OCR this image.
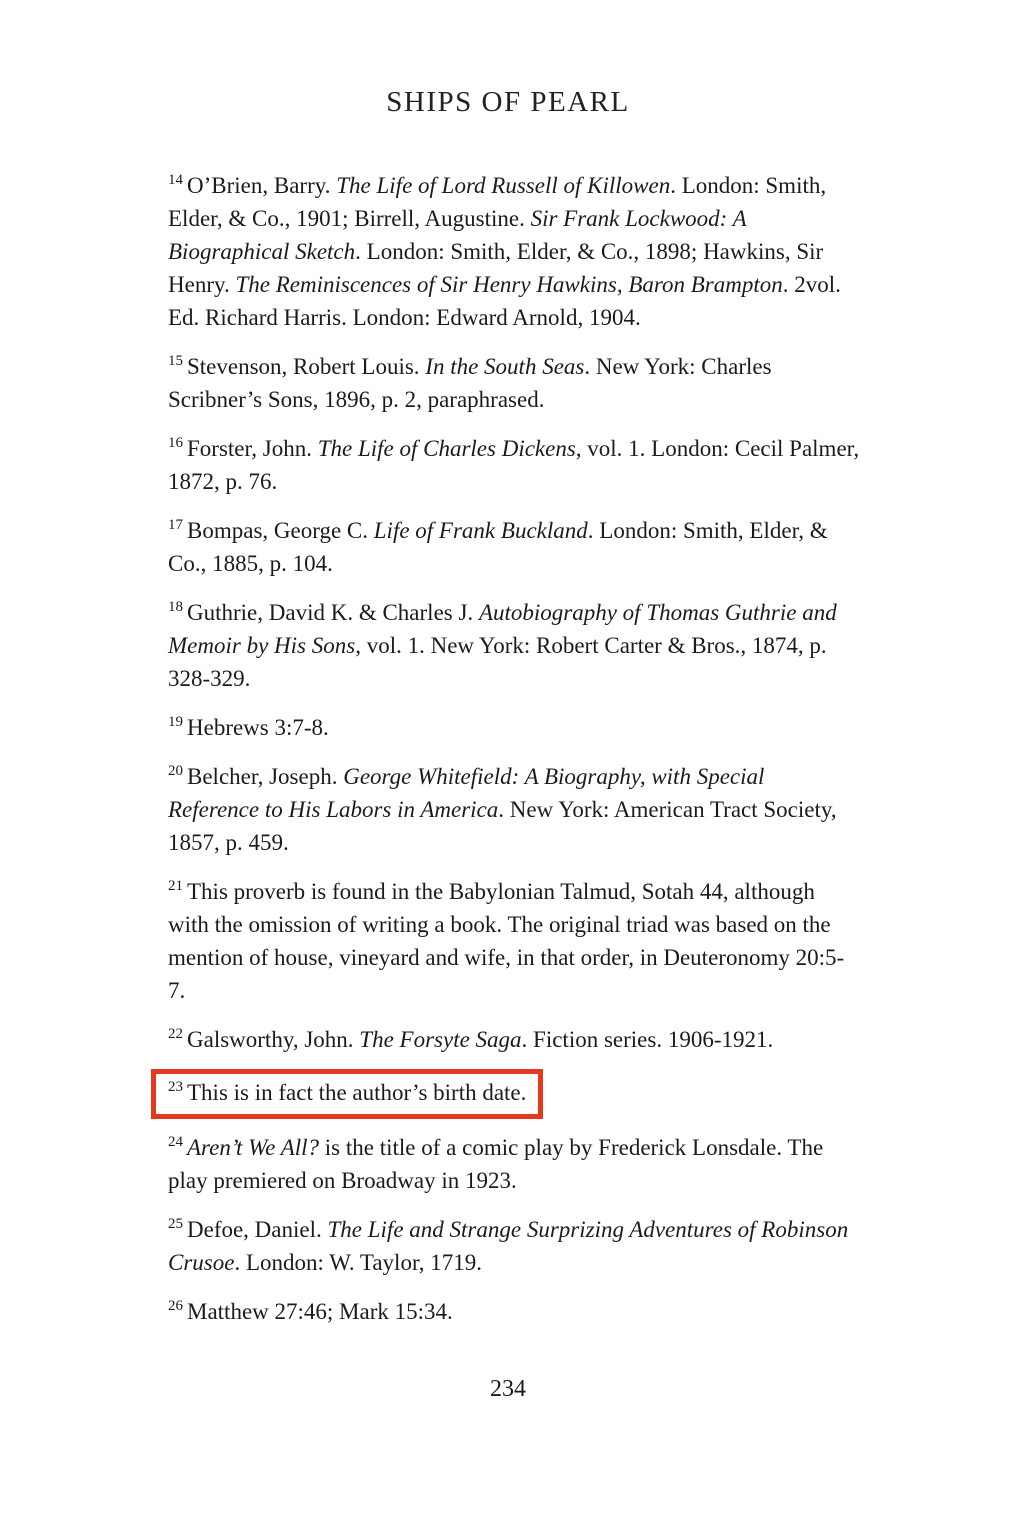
SHIPS OF PEARL

$^{14}$ O’Brien, Barry. The Life of Lord Russell of Killowen. London: Smith, Elder, & Co., 1901; Birrell, Augustine. Sir Frank Lockwood: A Biographical Sketch. London: Smith, Elder, & Co., 1898; Hawkins, Sir Henry. The Reminiscences of Sir Henry Hawkins, Baron Brampton. 2vol. Ed. Richard Harris. London: Edward Arnold, 1904.

$^{15}$ Stevenson, Robert Louis. In the South Seas. New York: Charles Scribner’s Sons, 1896, p. 2, paraphrased.

$^{16}$ Forster, John. The Life of Charles Dickens, vol. 1. London: Cecil Palmer, 1872, p. 76.

$^{17}$ Bompas, George C. Life of Frank Buckland. London: Smith, Elder, & Co., 1885, p. 104.

$^{18}$ Guthrie, David K. & Charles J. Autobiography of Thomas Guthrie and Memoir by His Sons, vol. 1. New York: Robert Carter & Bros., 1874, p. 328-329.

$^{19}$ Hebrews 3:7-8.

$^{20}$ Belcher, Joseph. George Whitefield: A Biography, with Special Reference to His Labors in America. New York: American Tract Society, 1857, p. 459.

$^{21}$ This proverb is found in the Babylonian Talmud, Sotah 44, although with the omission of writing a book. The original triad was based on the mention of house, vineyard and wife, in that order, in Deuteronomy 20:5-7.

$^{22}$ Galsworthy, John. The Forsyte Saga. Fiction series. 1906-1921.

$^{23}$ This is in fact the author’s birth date.

$^{24}$ Aren’t We All? is the title of a comic play by Frederick Lonsdale. The play premiered on Broadway in 1923.

$^{25}$ Defoe, Daniel. The Life and Strange Surprizing Adventures of Robinson Crusoe. London: W. Taylor, 1719.

$^{26}$ Matthew 27:46; Mark 15:34.

234
